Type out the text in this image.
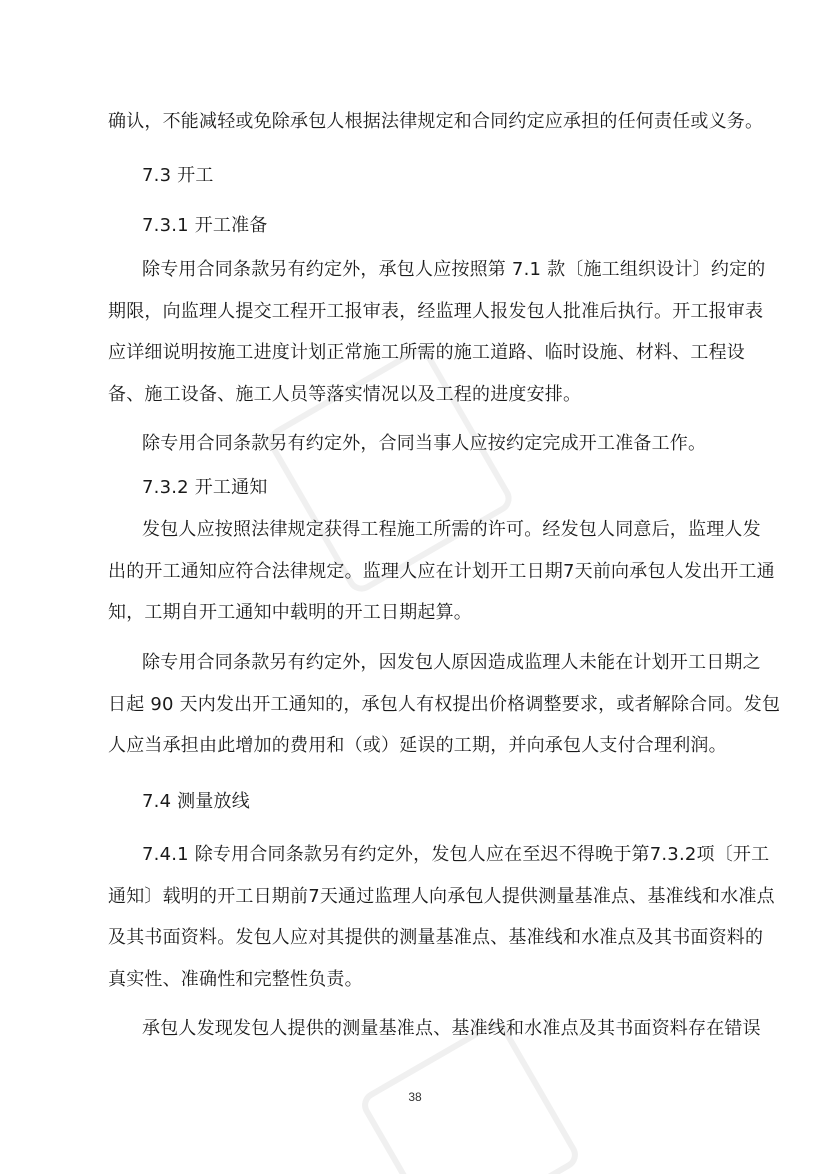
确认，不能减轻或免除承包人根据法律规定和合同约定应承担的任何责任或义务。
7.3 开工
7.3.1 开工准备
除专用合同条款另有约定外，承包人应按照第 7.1 款〔施工组织设计〕约定的
期限，向监理人提交工程开工报审表，经监理人报发包人批准后执行。开工报审表
应详细说明按施工进度计划正常施工所需的施工道路、临时设施、材料、工程设
备、施工设备、施工人员等落实情况以及工程的进度安排。
除专用合同条款另有约定外，合同当事人应按约定完成开工准备工作。
7.3.2 开工通知
发包人应按照法律规定获得工程施工所需的许可。经发包人同意后，监理人发
出的开工通知应符合法律规定。监理人应在计划开工日期7天前向承包人发出开工通
知，工期自开工通知中载明的开工日期起算。
除专用合同条款另有约定外，因发包人原因造成监理人未能在计划开工日期之
日起 90 天内发出开工通知的，承包人有权提出价格调整要求，或者解除合同。发包
人应当承担由此增加的费用和（或）延误的工期，并向承包人支付合理利润。
7.4 测量放线
7.4.1 除专用合同条款另有约定外，发包人应在至迟不得晚于第7.3.2项〔开工
通知〕载明的开工日期前7天通过监理人向承包人提供测量基准点、基准线和水准点
及其书面资料。发包人应对其提供的测量基准点、基准线和水准点及其书面资料的
真实性、准确性和完整性负责。
承包人发现发包人提供的测量基准点、基准线和水准点及其书面资料存在错误
38
